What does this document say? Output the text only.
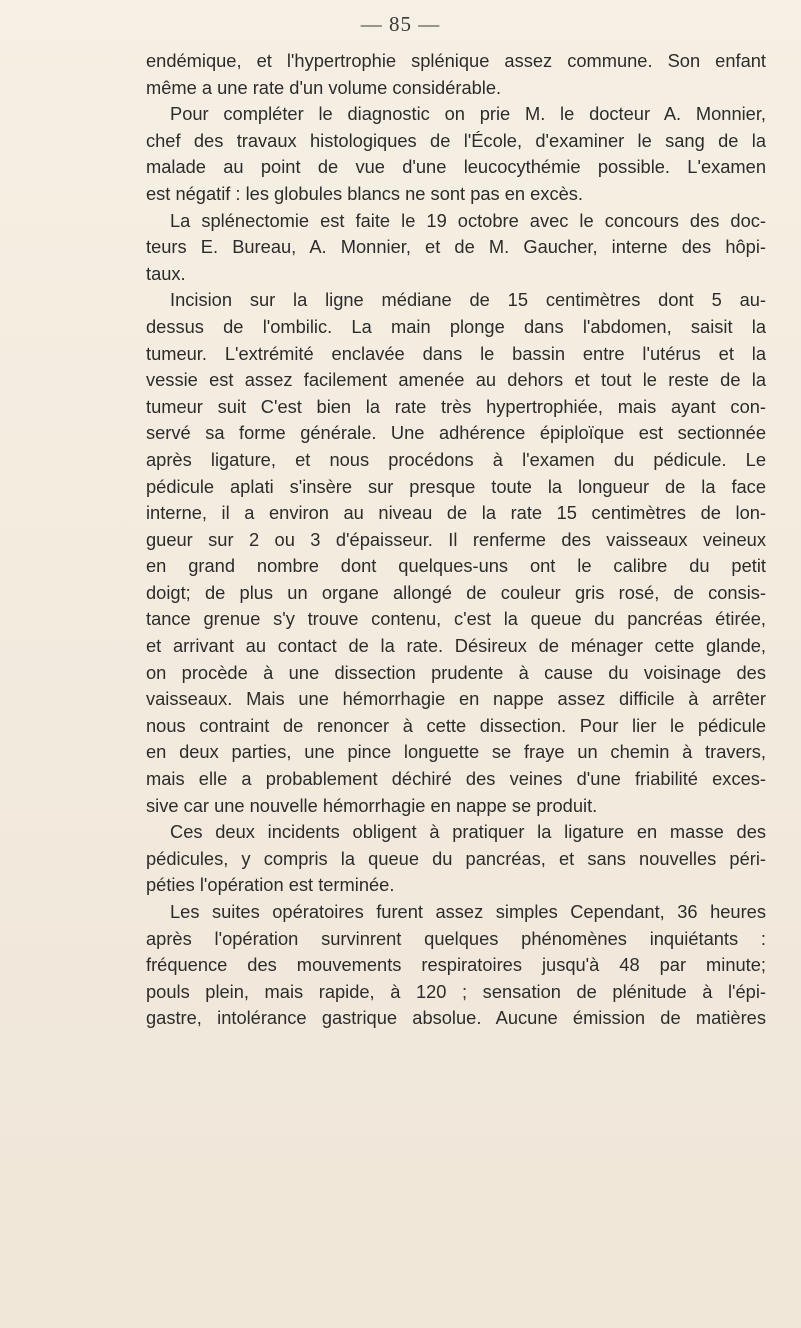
— 85 —
endémique, et l'hypertrophie splénique assez commune. Son enfant
même a une rate d'un volume considérable.
Pour compléter le diagnostic on prie M. le docteur A. Monnier,
chef des travaux histologiques de l'École, d'examiner le sang de la
malade au point de vue d'une leucocythémie possible. L'examen
est négatif : les globules blancs ne sont pas en excès.
La splénectomie est faite le 19 octobre avec le concours des doc-
teurs E. Bureau, A. Monnier, et de M. Gaucher, interne des hôpi-
taux.
Incision sur la ligne médiane de 15 centimètres dont 5 au-
dessus de l'ombilic. La main plonge dans l'abdomen, saisit la
tumeur. L'extrémité enclavée dans le bassin entre l'utérus et la
vessie est assez facilement amenée au dehors et tout le reste de la
tumeur suit C'est bien la rate très hypertrophiée, mais ayant con-
servé sa forme générale. Une adhérence épiploïque est sectionnée
après ligature, et nous procédons à l'examen du pédicule. Le
pédicule aplati s'insère sur presque toute la longueur de la face
interne, il a environ au niveau de la rate 15 centimètres de lon-
gueur sur 2 ou 3 d'épaisseur. Il renferme des vaisseaux veineux
en grand nombre dont quelques-uns ont le calibre du petit
doigt; de plus un organe allongé de couleur gris rosé, de consis-
tance grenue s'y trouve contenu, c'est la queue du pancréas étirée,
et arrivant au contact de la rate. Désireux de ménager cette glande,
on procède à une dissection prudente à cause du voisinage des
vaisseaux. Mais une hémorrhagie en nappe assez difficile à arrêter
nous contraint de renoncer à cette dissection. Pour lier le pédicule
en deux parties, une pince longuette se fraye un chemin à travers,
mais elle a probablement déchiré des veines d'une friabilité exces-
sive car une nouvelle hémorrhagie en nappe se produit.
Ces deux incidents obligent à pratiquer la ligature en masse des
pédicules, y compris la queue du pancréas, et sans nouvelles péri-
péties l'opération est terminée.
Les suites opératoires furent assez simples Cependant, 36 heures
après l'opération survinrent quelques phénomènes inquiétants :
fréquence des mouvements respiratoires jusqu'à 48 par minute;
pouls plein, mais rapide, à 120 ; sensation de plénitude à l'épi-
gastre, intolérance gastrique absolue. Aucune émission de matières
